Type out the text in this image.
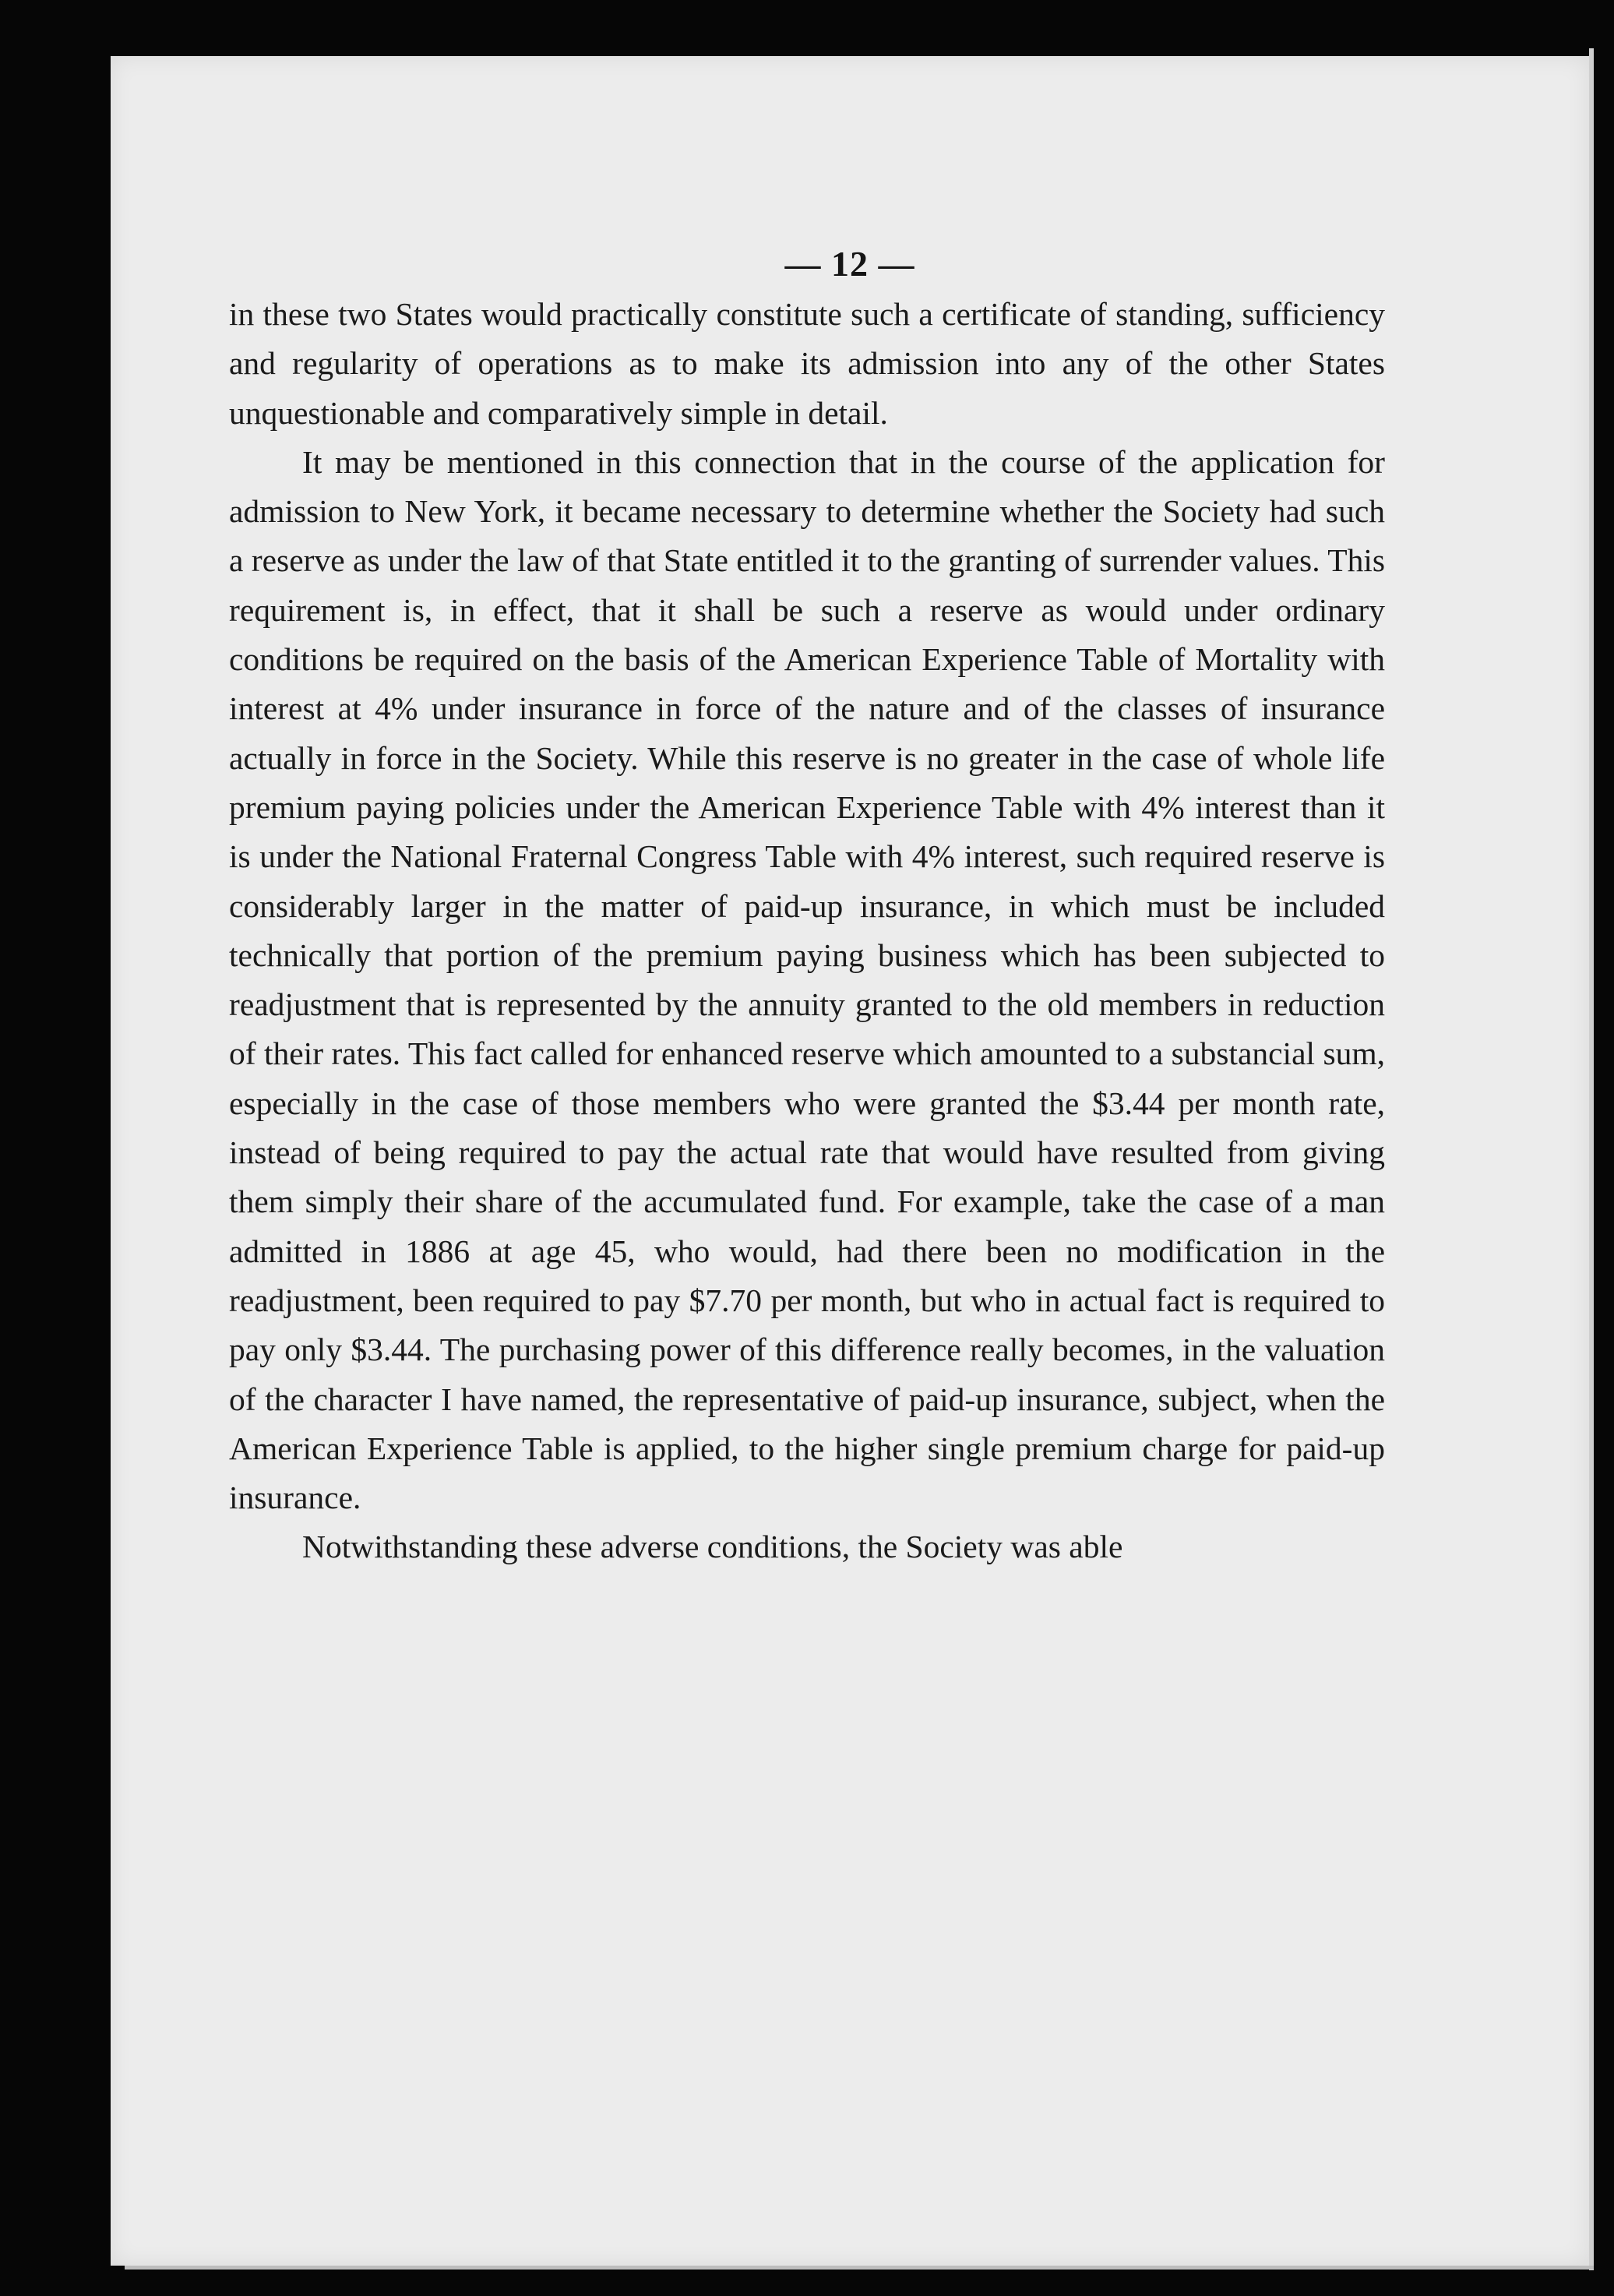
— 12 —

in these two States would practically constitute such a certificate of standing, sufficiency and regularity of operations as to make its admission into any of the other States unquestionable and comparatively simple in detail.

It may be mentioned in this connection that in the course of the application for admission to New York, it became necessary to determine whether the Society had such a reserve as under the law of that State entitled it to the granting of surrender values. This requirement is, in effect, that it shall be such a reserve as would under ordinary conditions be required on the basis of the American Experience Table of Mortality with interest at 4% under insurance in force of the nature and of the classes of insurance actually in force in the Society. While this reserve is no greater in the case of whole life premium paying policies under the American Experience Table with 4% interest than it is under the National Fraternal Congress Table with 4% interest, such required reserve is considerably larger in the matter of paid-up insurance, in which must be included technically that portion of the premium paying business which has been subjected to readjustment that is represented by the annuity granted to the old members in reduction of their rates. This fact called for enhanced reserve which amounted to a substancial sum, especially in the case of those members who were granted the $3.44 per month rate, instead of being required to pay the actual rate that would have resulted from giving them simply their share of the accumulated fund. For example, take the case of a man admitted in 1886 at age 45, who would, had there been no modification in the readjustment, been required to pay $7.70 per month, but who in actual fact is required to pay only $3.44. The purchasing power of this difference really becomes, in the valuation of the character I have named, the representative of paid-up insurance, subject, when the American Experience Table is applied, to the higher single premium charge for paid-up insurance.

Notwithstanding these adverse conditions, the Society was able
